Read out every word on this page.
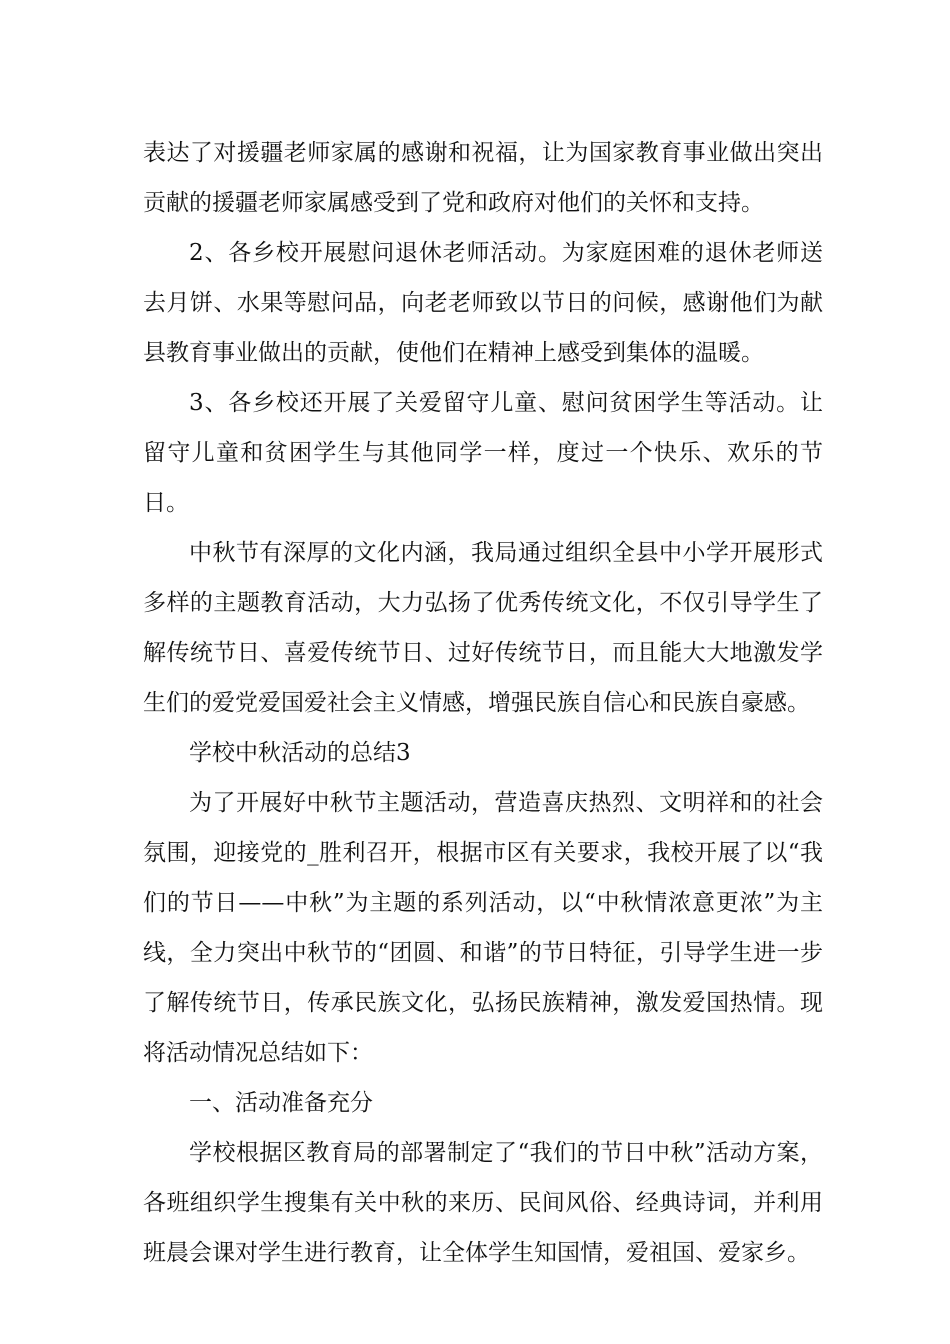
表达了对援疆老师家属的感谢和祝福，让为国家教育事业做出突出贡献的援疆老师家属感受到了党和政府对他们的关怀和支持。

2、各乡校开展慰问退休老师活动。为家庭困难的退休老师送去月饼、水果等慰问品，向老老师致以节日的问候，感谢他们为献县教育事业做出的贡献，使他们在精神上感受到集体的温暖。

3、各乡校还开展了关爱留守儿童、慰问贫困学生等活动。让留守儿童和贫困学生与其他同学一样，度过一个快乐、欢乐的节日。

中秋节有深厚的文化内涵，我局通过组织全县中小学开展形式多样的主题教育活动，大力弘扬了优秀传统文化，不仅引导学生了解传统节日、喜爱传统节日、过好传统节日，而且能大大地激发学生们的爱党爱国爱社会主义情感，增强民族自信心和民族自豪感。

学校中秋活动的总结3

为了开展好中秋节主题活动，营造喜庆热烈、文明祥和的社会氛围，迎接党的_胜利召开，根据市区有关要求，我校开展了以“我们的节日——中秋”为主题的系列活动，以“中秋情浓意更浓”为主线，全力突出中秋节的“团圆、和谐”的节日特征，引导学生进一步了解传统节日，传承民族文化，弘扬民族精神，激发爱国热情。现将活动情况总结如下：

一、活动准备充分

学校根据区教育局的部署制定了“我们的节日中秋”活动方案，各班组织学生搜集有关中秋的来历、民间风俗、经典诗词，并利用班晨会课对学生进行教育，让全体学生知国情，爱祖国、爱家乡。
